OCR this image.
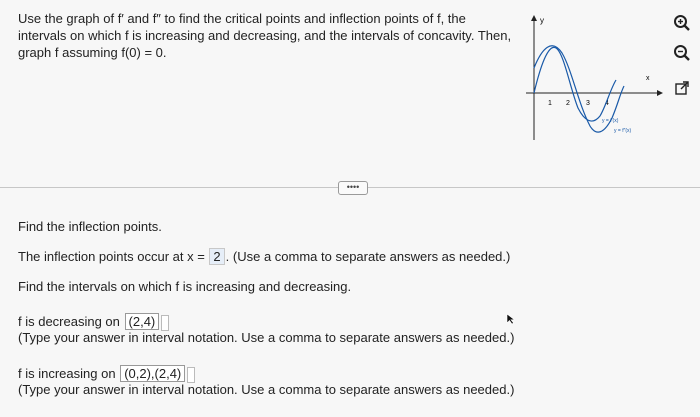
Use the graph of f′ and f″ to find the critical points and inflection points of f, the
intervals on which f is increasing and decreasing, and the intervals of concavity. Then,
graph f assuming f(0) = 0.
y
x
1 2 3 4
y = f′(x)
y = f″(x)
••••
Find the inflection points.
The inflection points occur at x = 2 . (Use a comma to separate answers as needed.)
Find the intervals on which f is increasing and decreasing.
f is decreasing on (2,4)
(Type your answer in interval notation. Use a comma to separate answers as needed.)
f is increasing on (0,2),(2,4)
(Type your answer in interval notation. Use a comma to separate answers as needed.)
